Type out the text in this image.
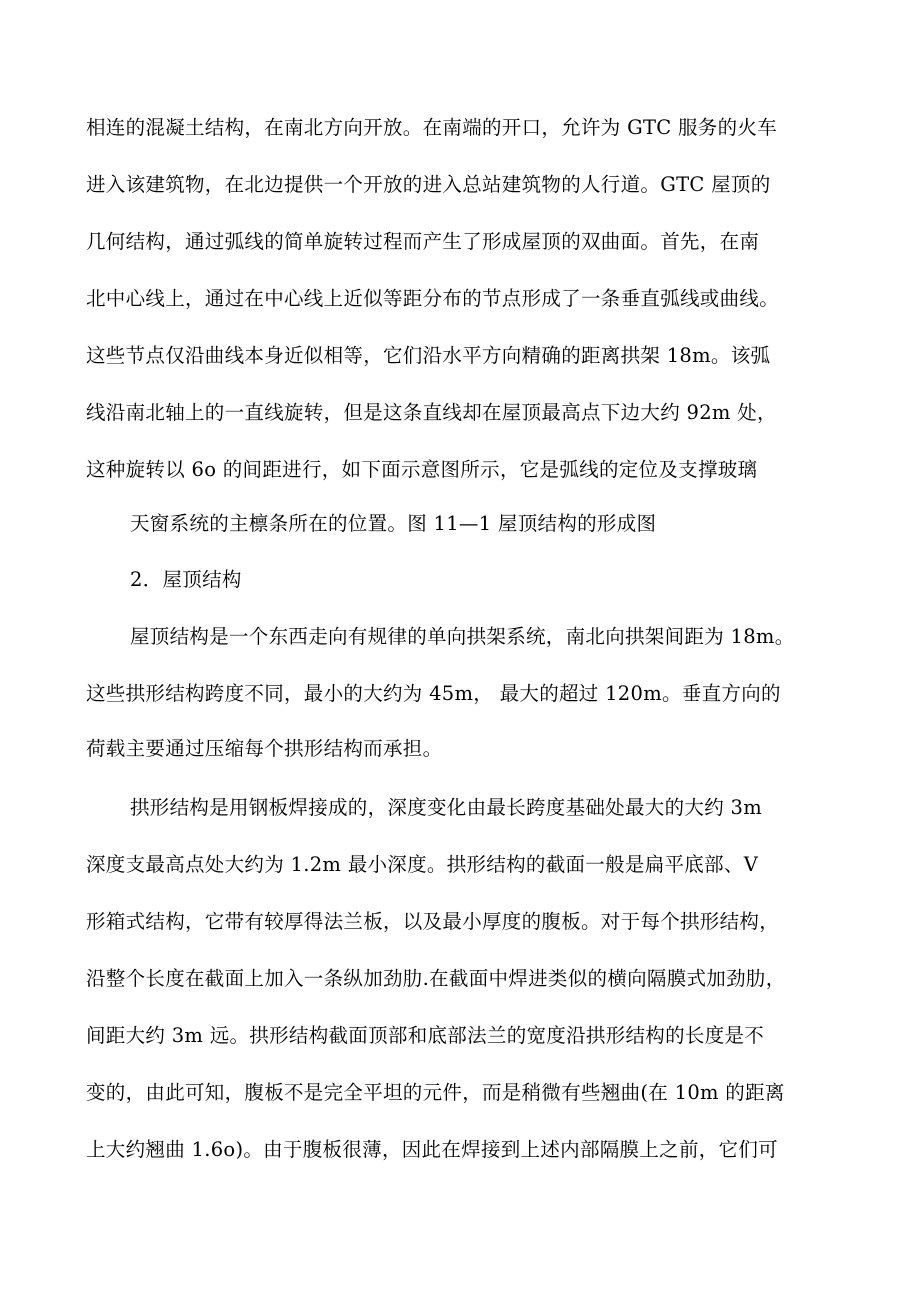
相连的混凝土结构，在南北方向开放。在南端的开口，允许为 GTC 服务的火车
进入该建筑物，在北边提供一个开放的进入总站建筑物的人行道。GTC 屋顶的
几何结构，通过弧线的简单旋转过程而产生了形成屋顶的双曲面。首先，在南
北中心线上，通过在中心线上近似等距分布的节点形成了一条垂直弧线或曲线。
这些节点仅沿曲线本身近似相等，它们沿水平方向精确的距离拱架 18m。该弧
线沿南北轴上的一直线旋转，但是这条直线却在屋顶最高点下边大约 92m 处，
这种旋转以 6o 的间距进行，如下面示意图所示，它是弧线的定位及支撑玻璃
天窗系统的主檩条所在的位置。图 11—1 屋顶结构的形成图
2．屋顶结构
屋顶结构是一个东西走向有规律的单向拱架系统，南北向拱架间距为 18m。
这些拱形结构跨度不同，最小的大约为 45m， 最大的超过 120m。垂直方向的
荷载主要通过压缩每个拱形结构而承担。
拱形结构是用钢板焊接成的，深度变化由最长跨度基础处最大的大约 3m
深度支最高点处大约为 1.2m 最小深度。拱形结构的截面一般是扁平底部、V
形箱式结构，它带有较厚得法兰板，以及最小厚度的腹板。对于每个拱形结构，
沿整个长度在截面上加入一条纵加劲肋.在截面中焊进类似的横向隔膜式加劲肋，
间距大约 3m 远。拱形结构截面顶部和底部法兰的宽度沿拱形结构的长度是不
变的，由此可知，腹板不是完全平坦的元件，而是稍微有些翘曲(在 10m 的距离
上大约翘曲 1.6o)。由于腹板很薄，因此在焊接到上述内部隔膜上之前，它们可
